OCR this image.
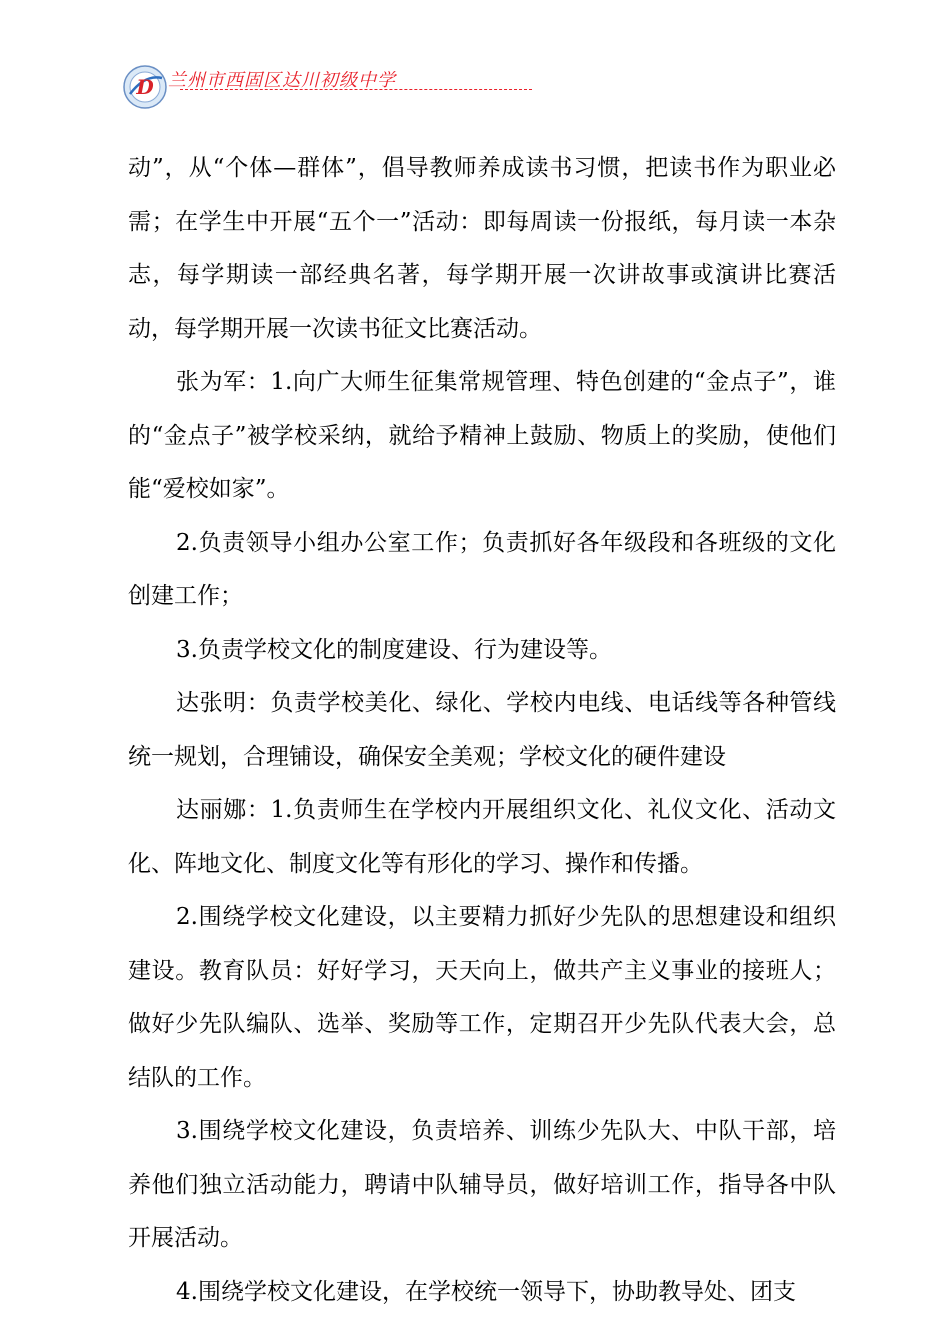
D 兰州市西固区达川初级中学

动”，从“个体—群体”，倡导教师养成读书习惯，把读书作为职业必需；在学生中开展“五个一”活动：即每周读一份报纸，每月读一本杂志，每学期读一部经典名著，每学期开展一次讲故事或演讲比赛活动，每学期开展一次读书征文比赛活动。

张为军：1.向广大师生征集常规管理、特色创建的“金点子”，谁的“金点子”被学校采纳，就给予精神上鼓励、物质上的奖励，使他们能“爱校如家”。

2.负责领导小组办公室工作；负责抓好各年级段和各班级的文化创建工作；

3.负责学校文化的制度建设、行为建设等。

达张明：负责学校美化、绿化、学校内电线、电话线等各种管线统一规划，合理铺设，确保安全美观；学校文化的硬件建设

达丽娜：1.负责师生在学校内开展组织文化、礼仪文化、活动文化、阵地文化、制度文化等有形化的学习、操作和传播。

2.围绕学校文化建设，以主要精力抓好少先队的思想建设和组织建设。教育队员：好好学习，天天向上，做共产主义事业的接班人；做好少先队编队、选举、奖励等工作，定期召开少先队代表大会，总结队的工作。

3.围绕学校文化建设，负责培养、训练少先队大、中队干部，培养他们独立活动能力，聘请中队辅导员，做好培训工作，指导各中队开展活动。

4.围绕学校文化建设，在学校统一领导下，协助教导处、团支
